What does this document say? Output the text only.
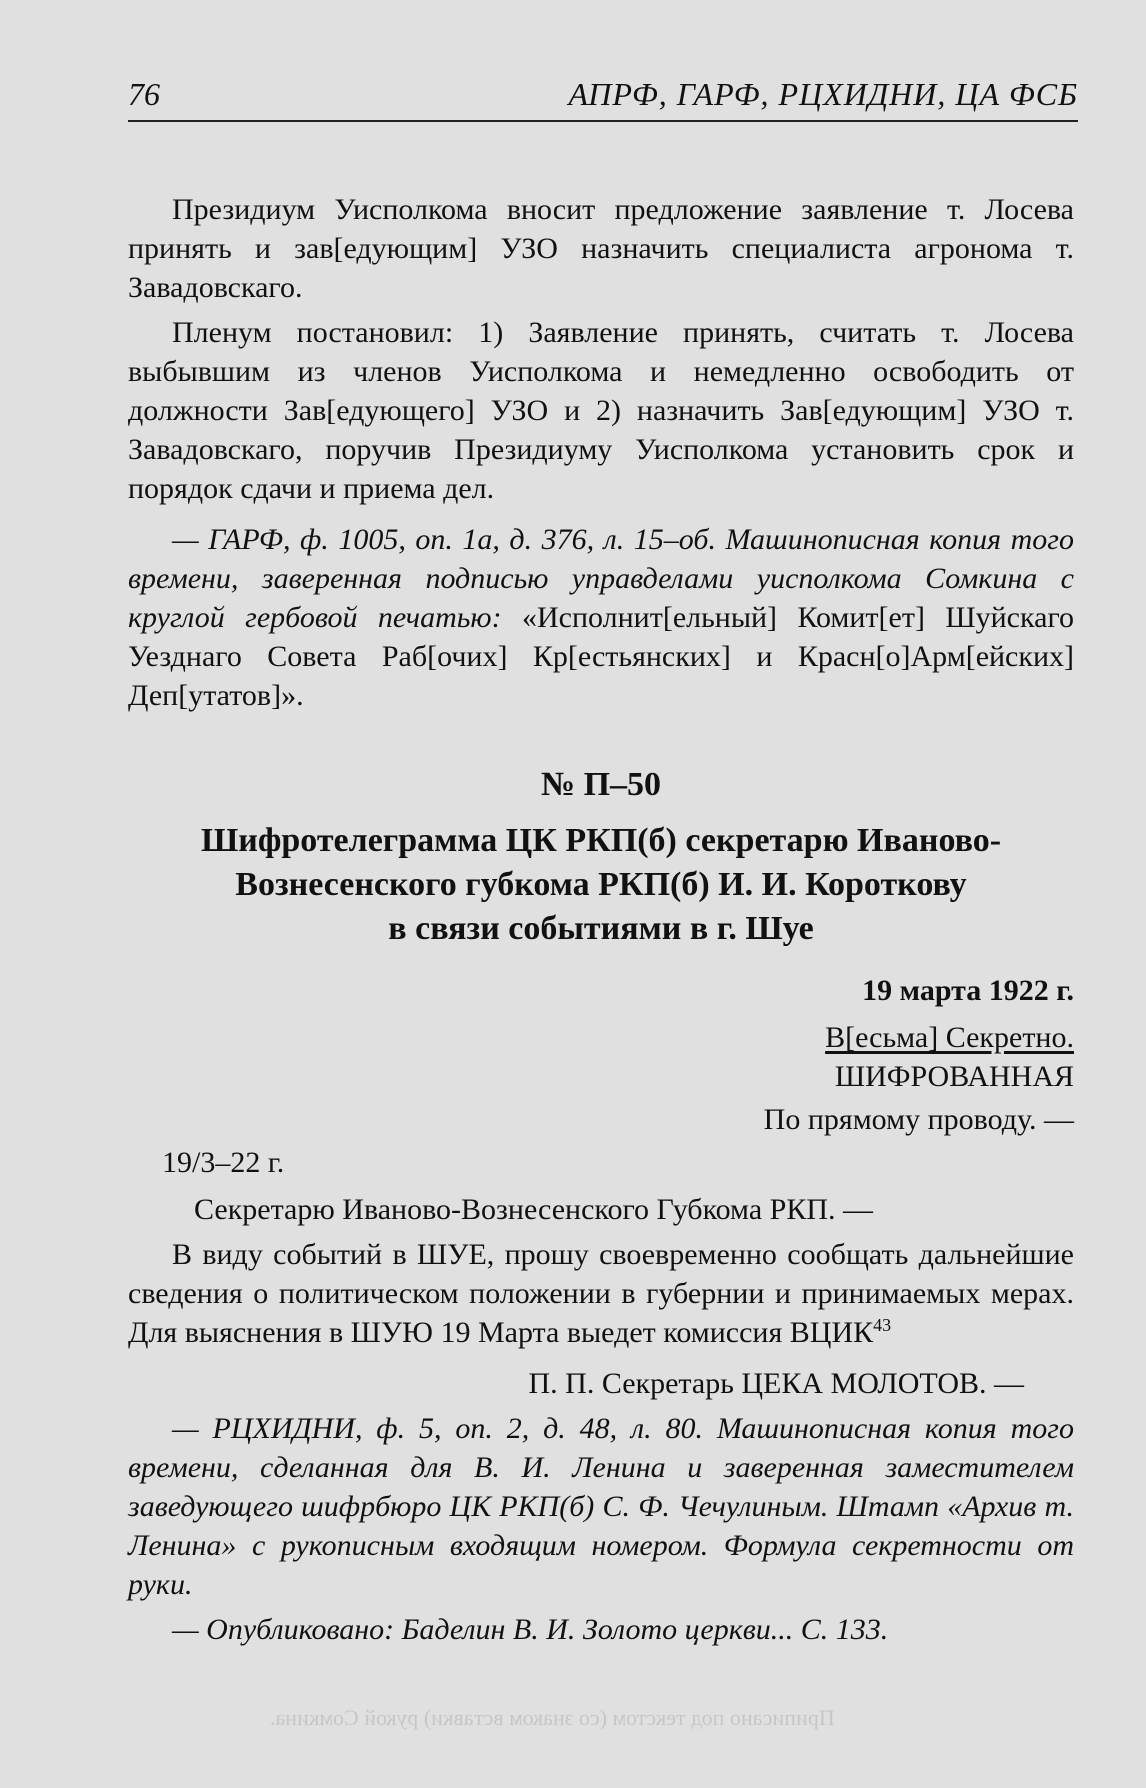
76	АПРФ, ГАРФ, РЦХИДНИ, ЦА ФСБ

Президиум Уисполкома вносит предложение заявление т. Лосева принять и зав[едующим] УЗО назначить специалиста агронома т. Завадовскаго.

Пленум постановил: 1) Заявление принять, считать т. Лосева выбывшим из членов Уисполкома и немедленно освободить от должности Зав[едующего] УЗО и 2) назначить Зав[едующим] УЗО т. Завадовскаго, поручив Президиуму Уисполкома установить срок и порядок сдачи и приема дел.

— ГАРФ, ф. 1005, оп. 1а, д. 376, л. 15–об. Машинописная копия того времени, заверенная подписью управделами уисполкома Сомкина с круглой гербовой печатью: «Исполнит[ельный] Комит[ет] Шуйскаго Уезднаго Совета Раб[очих] Кр[естьянских] и Красн[о]Арм[ейских] Деп[утатов]».

№ П–50
Шифротелеграмма ЦК РКП(б) секретарю Иваново-
Вознесенского губкома РКП(б) И. И. Короткову
в связи событиями в г. Шуе
19 марта 1922 г.
В[есьма] Секретно.
ШИФРОВАННАЯ
По прямому проводу. —
19/3–22 г.
Секретарю Иваново-Вознесенского Губкома РКП. —

В виду событий в ШУЕ, прошу своевременно сообщать дальнейшие сведения о политическом положении в губернии и принимаемых мерах. Для выяснения в ШУЮ 19 Марта выедет комиссия ВЦИК$^{43}$

П. П. Секретарь ЦЕКА МОЛОТОВ. —

— РЦХИДНИ, ф. 5, оп. 2, д. 48, л. 80. Машинописная копия того времени, сделанная для В. И. Ленина и заверенная заместителем заведующего шифрбюро ЦК РКП(б) С. Ф. Чечулиным. Штамп «Архив т. Ленина» с рукописным входящим номером. Формула секретности от руки.

— Опубликовано: Баделин В. И. Золото церкви... С. 133.

Приписано под текстом (со знаком вставки) рукой Сомкина.
